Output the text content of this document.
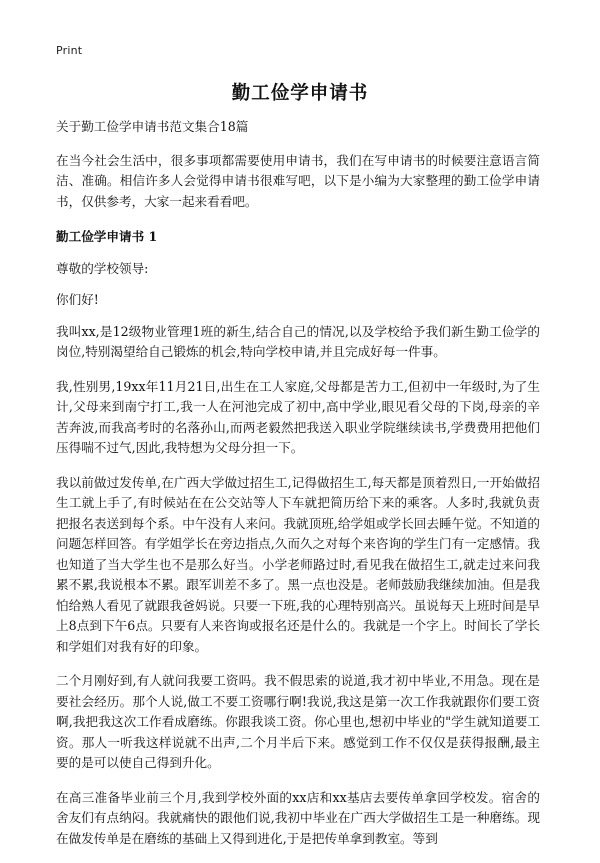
Print
勤工俭学申请书

关于勤工俭学申请书范文集合18篇

在当今社会生活中，很多事项都需要使用申请书，我们在写申请书的时候要注意语言简洁、准确。相信许多人会觉得申请书很难写吧，以下是小编为大家整理的勤工俭学申请书，仅供参考，大家一起来看看吧。

勤工俭学申请书 1

尊敬的学校领导:

你们好!

我叫xx,是12级物业管理1班的新生,结合自己的情况,以及学校给予我们新生勤工俭学的岗位,特别渴望给自己锻炼的机会,特向学校申请,并且完成好每一件事。

我,性别男,19xx年11月21日,出生在工人家庭,父母都是苦力工,但初中一年级时,为了生计,父母来到南宁打工,我一人在河池完成了初中,高中学业,眼见看父母的下岗,母亲的辛苦奔波,而我高考时的名落孙山,而两老毅然把我送入职业学院继续读书,学费费用把他们压得喘不过气,因此,我特想为父母分担一下。

我以前做过发传单,在广西大学做过招生工,记得做招生工,每天都是顶着烈日,一开始做招生工就上手了,有时候站在在公交站等人下车就把简历给下来的乘客。人多时,我就负责把报名表送到每个系。中午没有人来问。我就顶班,给学姐或学长回去睡午觉。不知道的问题怎样回答。有学姐学长在旁边指点,久而久之对每个来咨询的学生门有一定感情。我也知道了当大学生也不是那么好当。小学老师路过时,看见我在做招生工,就走过来问我累不累,我说根本不累。跟军训差不多了。黑一点也没是。老师鼓励我继续加油。但是我怕给熟人看见了就跟我爸妈说。只要一下班,我的心理特别高兴。虽说每天上班时间是早上8点到下午6点。只要有人来咨询或报名还是什么的。我就是一个字上。时间长了学长和学姐们对我有好的印象。

二个月刚好到,有人就问我要工资吗。我不假思索的说道,我才初中毕业,不用急。现在是要社会经历。那个人说,做工不要工资哪行啊!我说,我这是第一次工作我就跟你们要工资啊,我把我这次工作看成磨练。你跟我谈工资。你心里也,想初中毕业的"学生就知道要工资。那人一听我这样说就不出声,二个月半后下来。感觉到工作不仅仅是获得报酬,最主要的是可以使自己得到升化。

在高三准备毕业前三个月,我到学校外面的xx店和xx基店去要传单拿回学校发。宿舍的舍友们有点纳闷。我就痛快的跟他们说,我初中毕业在广西大学做招生工是一种磨练。现在做发传单是在磨练的基础上又得到进化,于是把传单拿到教室。等到
